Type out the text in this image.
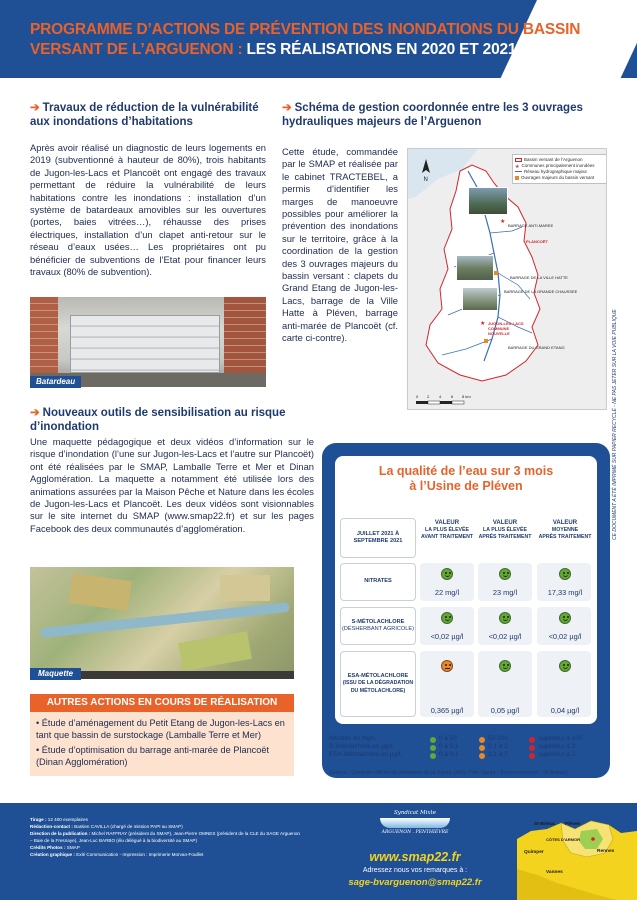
PROGRAMME D’ACTIONS DE PRÉVENTION DES INONDATIONS DU BASSIN VERSANT DE L’ARGUENON : LES RÉALISATIONS EN 2020 ET 2021
➔ Travaux de réduction de la vulnérabilité aux inondations d’habitations
Après avoir réalisé un diagnostic de leurs logements en 2019 (subventionné à hauteur de 80%), trois habitants de Jugon-les-Lacs et Plancoët ont engagé des travaux permettant de réduire la vulnérabilité de leurs habitations contre les inondations : installation d’un système de batardeaux amovibles sur les ouvertures (portes, baies vitrées…), réhausse des prises électriques, installation d’un clapet anti-retour sur le réseau d’eaux usées… Les propriétaires ont pu bénéficier de subventions de l’Etat pour financer leurs travaux (80% de subvention).
Batardeau
➔ Schéma de gestion coordonnée entre les 3 ouvrages hydrauliques majeurs de l’Arguenon
Cette étude, commandée par le SMAP et réalisée par le cabinet TRACTEBEL, a permis d’identifier les marges de manoeuvre possibles pour améliorer la prévention des inondations sur le territoire, grâce à la coordination de la gestion des 3 ouvrages majeurs du bassin versant : clapets du Grand Etang de Jugon-les-Lacs, barrage de la Ville Hatte à Pléven, barrage anti-marée de Plancoët (cf. carte ci-contre).
★
★
N
Bassin versant de l’Arguenon
★ Communes principalement inondées
Réseau hydrographique majeur
Ouvrages majeurs du bassin versant
BARRAGE ANTI-MAREE
PLANCOËT
BARRAGE DE LA VILLE HATTE
BARRAGE DE LA GRANDE CHAUSSEE
JUGON-LES-LACS COMMUNE NOUVELLE
BARRAGE DU GRAND ETANG
0 2 4 6 8 km
➔ Nouveaux outils de sensibilisation au risque d’inondation
Une maquette pédagogique et deux vidéos d’information sur le risque d’inondation (l’une sur Jugon-les-Lacs et l’autre sur Plancoët) ont été réalisées par le SMAP, Lamballe Terre et Mer et Dinan Agglomération. La maquette a notamment été utilisée lors des animations assurées par la Maison Pêche et Nature dans les écoles de Jugon-les-Lacs et Plancoët. Les deux vidéos sont visionnables sur le site internet du SMAP (www.smap22.fr) et sur les pages Facebook des deux communautés d’agglomération.
Maquette
AUTRES ACTIONS EN COURS DE RÉALISATION

• Étude d’aménagement du Petit Etang de Jugon-les-Lacs en tant que bassin de surstockage (Lamballe Terre et Mer)

• Étude d’optimisation du barrage anti-marée de Plancoët (Dinan Agglomération)

La qualité de l’eau sur 3 mois
à l’Usine de Pléven
JUILLET 2021 À SEPTEMBRE 2021
VALEUR
LA PLUS ÉLEVÉE
AVANT TRAITEMENT
VALEUR
LA PLUS ÉLEVÉE
APRÈS TRAITEMENT
VALEUR
MOYENNE
APRÈS TRAITEMENT
NITRATES
22 mg/l	23 mg/l	17,33 mg/l
S-MÉTOLACHLORE
(DÉSHERBANT AGRICOLE)
<0,02 µg/l	<0,02 µg/l	<0,02 µg/l
ESA-MÉTOLACHLORE
(ISSU DE LA DÉGRADATION DU MÉTOLACHLORE)
0,365 µg/l	0,05 µg/l	0,04 µg/l
Nitrates en mg/L
S-Métolachore en µg/L
ESA-Métolachore en µg/L
0 à 50
0 à 0,1
0 à 0,1
50-100
0,1 à 2
0,1 à 2
supérieur à 100
supérieur à 2
supérieur à 2
Source : Contrôle officiel du Ministère de la Santé (ARS Pôle Santé - Environnement - St Brieuc)
CE DOCUMENT A ÉTÉ IMPRIMÉ SUR PAPIER RECYCLÉ - NE PAS JETER SUR LA VOIE PUBLIQUE
Tirage : 12 400 exemplaires
Rédaction-contact : Bastien CAVILLA (chargé de mission PAPI au SMAP)
Direction de la publication : Michel RAFFRAY (président du SMAP), Jean-Pierre OMNES (président de la CLE du SAGE Arguenon – Baie de la Fresnaye), Jean-Luc BARBO (élu délégué à la biodiversité au SMAP)
Crédits Photos : SMAP
Création graphique : Exlé Communication - Impression : Imprimerie Morvan-Fouillet
Syndicat Mixte
ARGUENON . PENTHIÈVRE
www.smap22.fr
Adressez nous vos remarques à :
sage-bvarguenon@smap22.fr
St-Brieuc Pléven
CÔTES D’ARMOR
Rennes
Quimper
Vannes
